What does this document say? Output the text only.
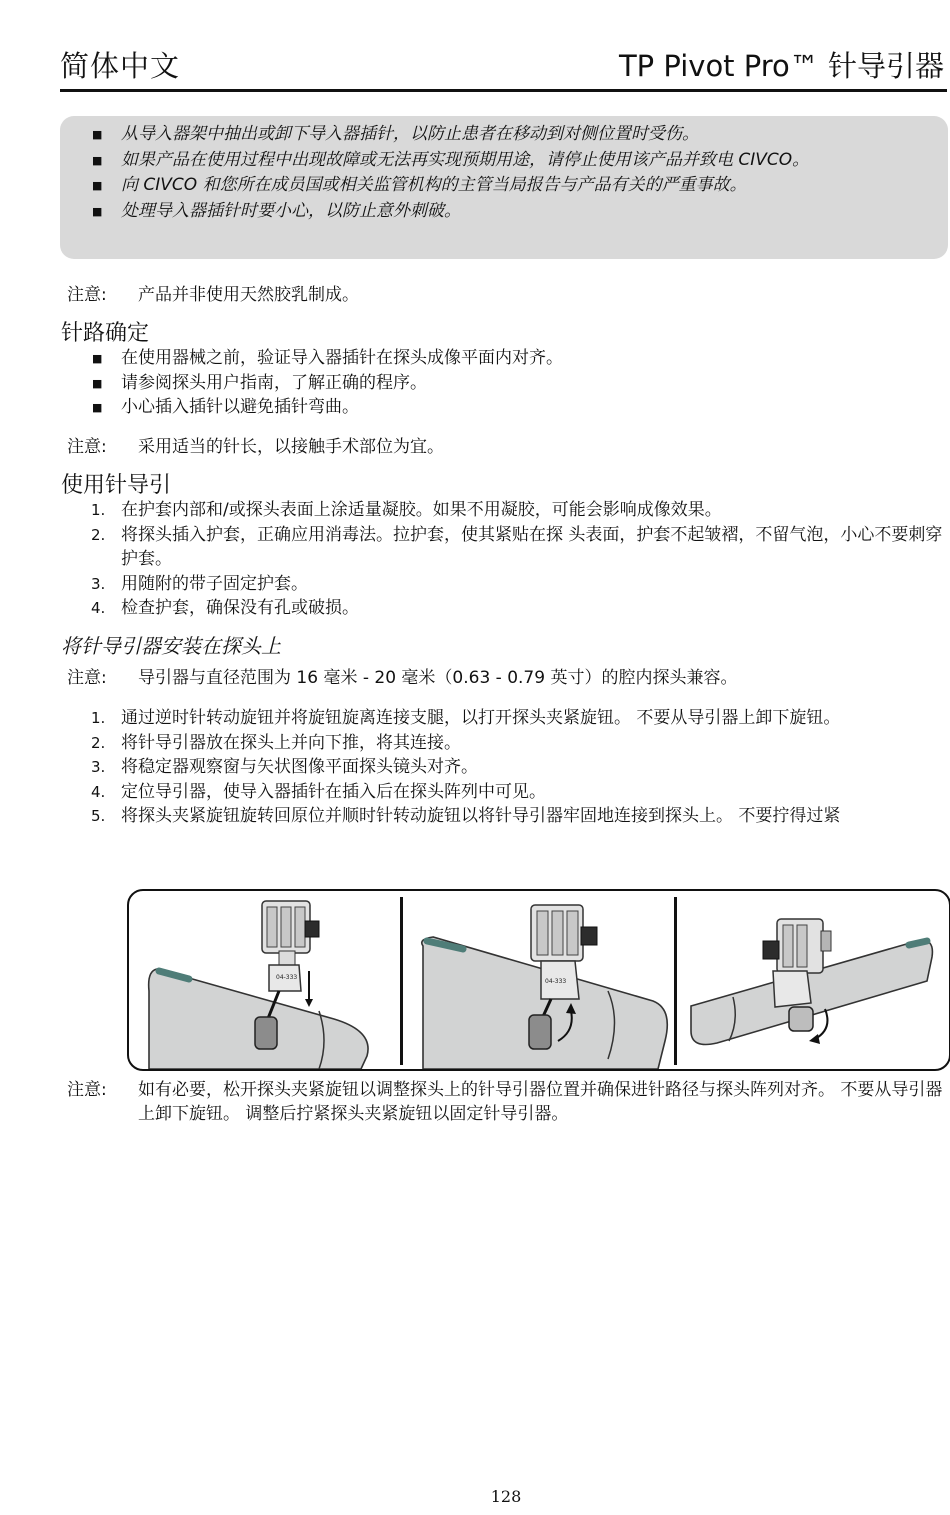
简体中文	TP Pivot Pro™ 针导引器
■ 从导入器架中抽出或卸下导入器插针，以防止患者在移动到对侧位置时受伤。
■ 如果产品在使用过程中出现故障或无法再实现预期用途，请停止使用该产品并致电 CIVCO。
■ 向 CIVCO 和您所在成员国或相关监管机构的主管当局报告与产品有关的严重事故。
■ 处理导入器插针时要小心，以防止意外刺破。
注意: 产品并非使用天然胶乳制成。
针路确定
■ 在使用器械之前，验证导入器插针在探头成像平面内对齐。
■ 请参阅探头用户指南，了解正确的程序。
■ 小心插入插针以避免插针弯曲。
注意: 采用适当的针长，以接触手术部位为宜。
使用针导引
1. 在护套内部和/或探头表面上涂适量凝胶。如果不用凝胶，可能会影响成像效果。
2. 将探头插入护套，正确应用消毒法。拉护套，使其紧贴在探 头表面，护套不起皱褶，不留气泡，小心不要刺穿护套。
3. 用随附的带子固定护套。
4. 检查护套，确保没有孔或破损。
将针导引器安装在探头上
注意: 导引器与直径范围为 16 毫米 - 20 毫米（0.63 - 0.79 英寸）的腔内探头兼容。
1. 通过逆时针转动旋钮并将旋钮旋离连接支腿，以打开探头夹紧旋钮。 不要从导引器上卸下旋钮。
2. 将针导引器放在探头上并向下推，将其连接。
3. 将稳定器观察窗与矢状图像平面探头镜头对齐。
4. 定位导引器，使导入器插针在插入后在探头阵列中可见。
5. 将探头夹紧旋钮旋转回原位并顺时针转动旋钮以将针导引器牢固地连接到探头上。 不要拧得过紧
04-333
04-333
注意: 如有必要，松开探头夹紧旋钮以调整探头上的针导引器位置并确保进针路径与探头阵列对齐。 不要从导引器上卸下旋钮。 调整后拧紧探头夹紧旋钮以固定针导引器。
128
